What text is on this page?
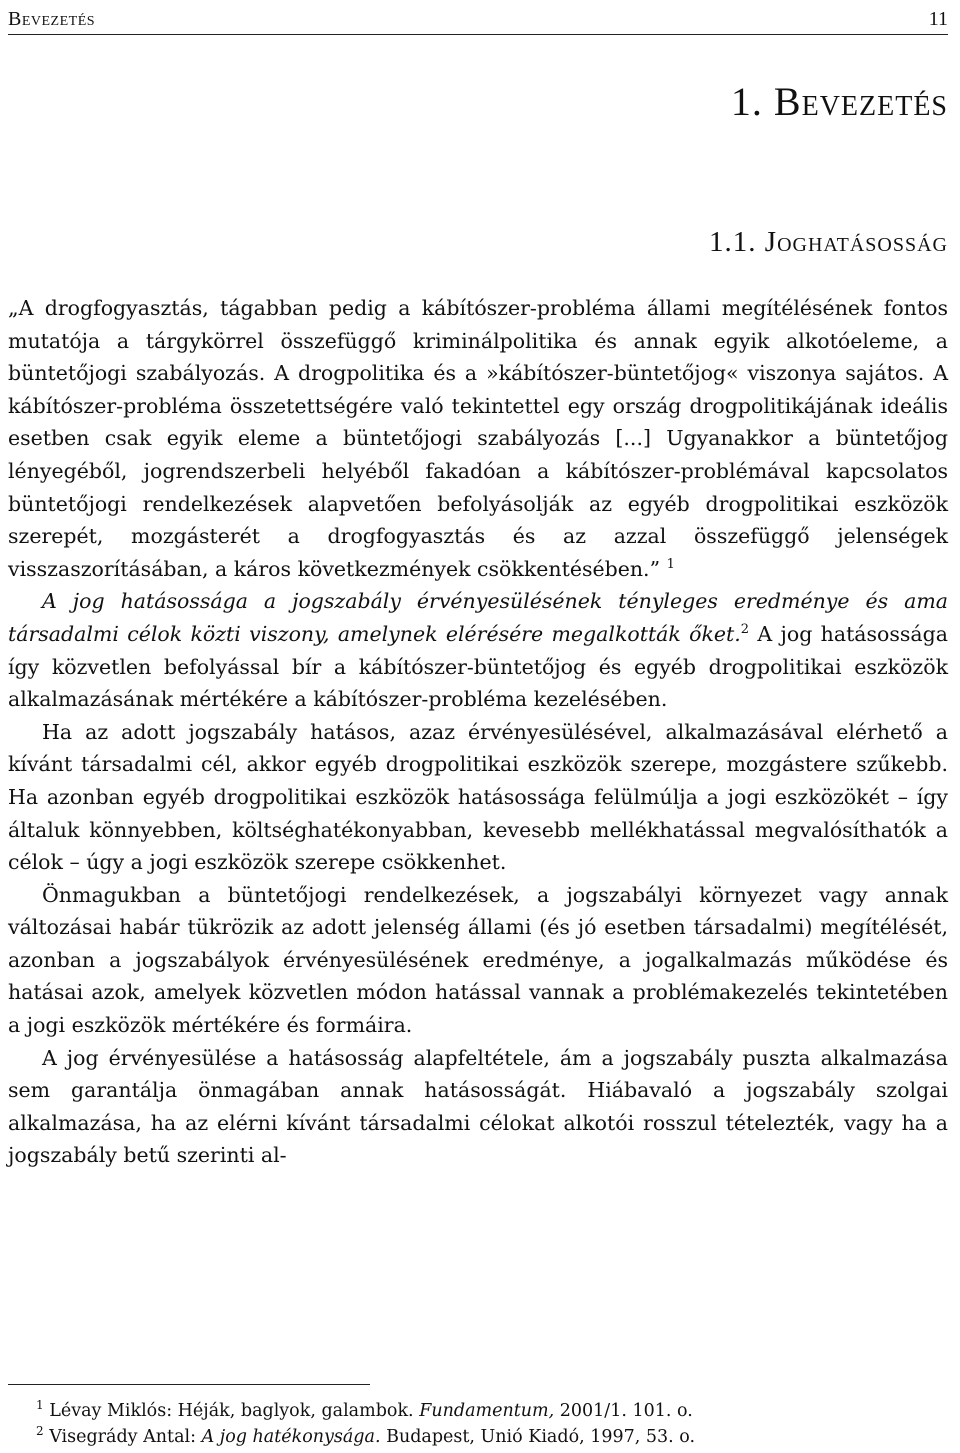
Bevezetés	11
1. Bevezetés
1.1. Joghatásosság

„A drogfogyasztás, tágabban pedig a kábítószer-probléma állami megítélésének fontos mutatója a tárgykörrel összefüggő kriminálpolitika és annak egyik alkotóeleme, a büntetőjogi szabályozás. A drogpolitika és a »kábítószer-büntetőjog« viszonya sajátos. A kábítószer-probléma összetettségére való tekintettel egy ország drogpolitikájának ideális esetben csak egyik eleme a büntetőjogi szabályozás [...] Ugyanakkor a büntetőjog lényegéből, jogrendszerbeli helyéből fakadóan a kábítószer-problémával kapcsolatos büntetőjogi rendelkezések alapvetően befolyásolják az egyéb drogpolitikai eszközök szerepét, mozgásterét a drogfogyasztás és az azzal összefüggő jelenségek visszaszorításában, a káros következmények csökkentésében.” $^1$

A jog hatásossága a jogszabály érvényesülésének tényleges eredménye és ama társadalmi célok közti viszony, amelynek elérésére megalkották őket.$^2$ A jog hatásossága így közvetlen befolyással bír a kábítószer-büntetőjog és egyéb drogpolitikai eszközök alkalmazásának mértékére a kábítószer-probléma kezelésében.

Ha az adott jogszabály hatásos, azaz érvényesülésével, alkalmazásával elérhető a kívánt társadalmi cél, akkor egyéb drogpolitikai eszközök szerepe, mozgástere szűkebb. Ha azonban egyéb drogpolitikai eszközök hatásossága felülmúlja a jogi eszközökét – így általuk könnyebben, költséghatékonyabban, kevesebb mellékhatással megvalósíthatók a célok – úgy a jogi eszközök szerepe csökkenhet.

Önmagukban a büntetőjogi rendelkezések, a jogszabályi környezet vagy annak változásai habár tükrözik az adott jelenség állami (és jó esetben társadalmi) megítélését, azonban a jogszabályok érvényesülésének eredménye, a jogalkalmazás működése és hatásai azok, amelyek közvetlen módon hatással vannak a problémakezelés tekintetében a jogi eszközök mértékére és formáira.

A jog érvényesülése a hatásosság alapfeltétele, ám a jogszabály puszta alkalmazása sem garantálja önmagában annak hatásosságát. Hiábavaló a jogszabály szolgai alkalmazása, ha az elérni kívánt társadalmi célokat alkotói rosszul tételezték, vagy ha a jogszabály betű szerinti al-

$^1$ Lévay Miklós: Héják, baglyok, galambok. Fundamentum, 2001/1. 101. o.

$^2$ Visegrády Antal: A jog hatékonysága. Budapest, Unió Kiadó, 1997, 53. o.
